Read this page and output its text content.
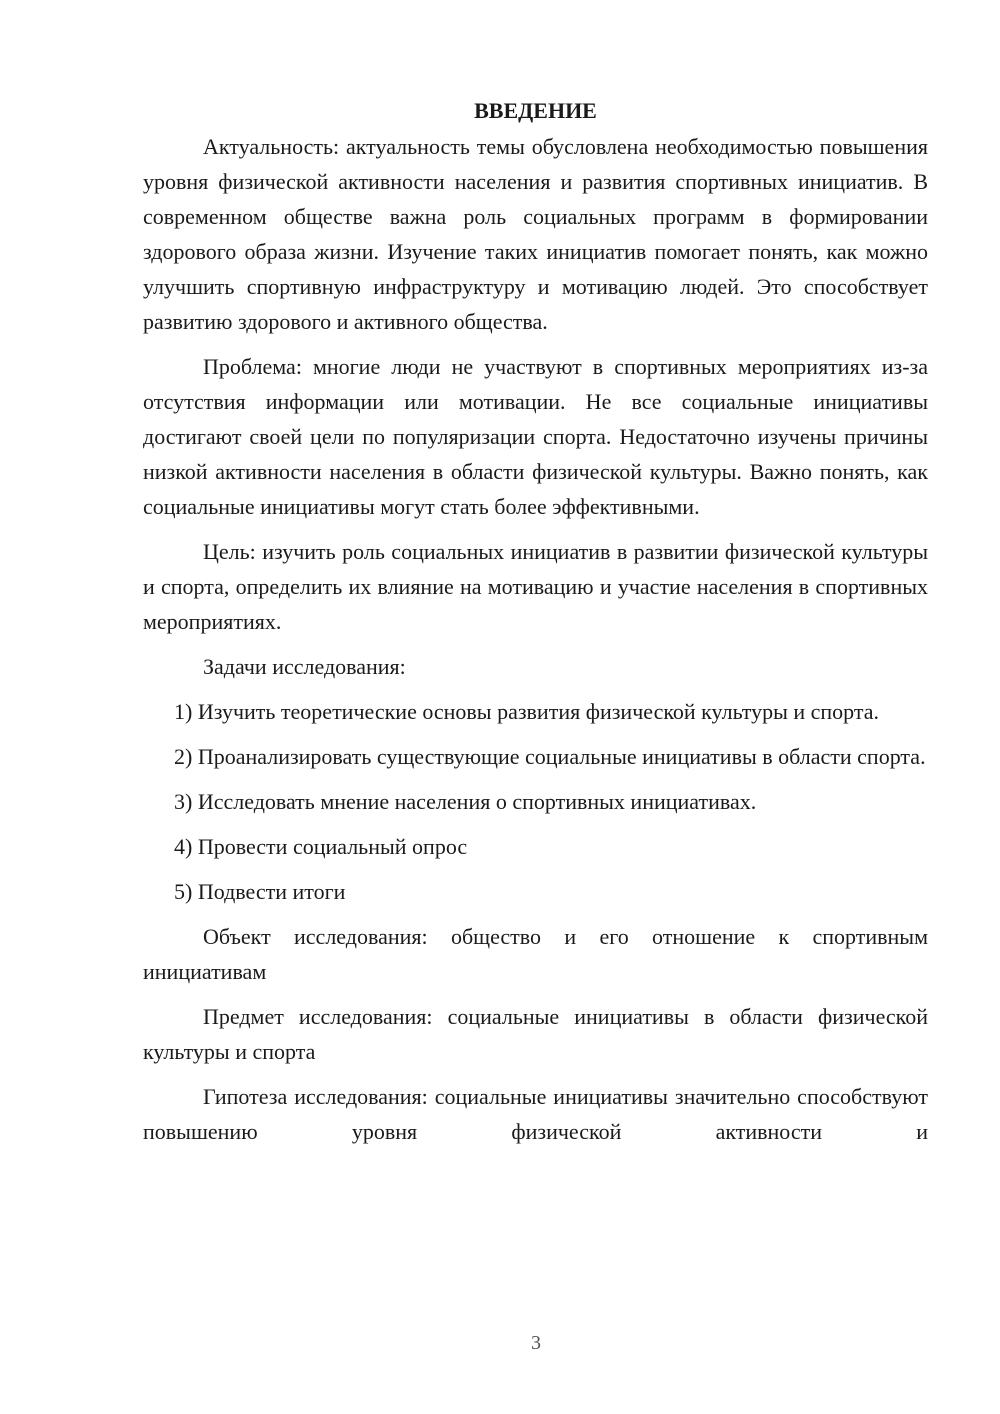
ВВЕДЕНИЕ

Актуальность: актуальность темы обусловлена необходимостью повышения уровня физической активности населения и развития спортивных инициатив. В современном обществе важна роль социальных программ в формировании здорового образа жизни. Изучение таких инициатив помогает понять, как можно улучшить спортивную инфраструктуру и мотивацию людей. Это способствует развитию здорового и активного общества.

Проблема: многие люди не участвуют в спортивных мероприятиях из-за отсутствия информации или мотивации. Не все социальные инициативы достигают своей цели по популяризации спорта. Недостаточно изучены причины низкой активности населения в области физической культуры. Важно понять, как социальные инициативы могут стать более эффективными.

Цель: изучить роль социальных инициатив в развитии физической культуры и спорта, определить их влияние на мотивацию и участие населения в спортивных мероприятиях.

Задачи исследования:

1) Изучить теоретические основы развития физической культуры и спорта.

2) Проанализировать существующие социальные инициативы в области спорта.

3) Исследовать мнение населения о спортивных инициативах.

4) Провести социальный опрос

5) Подвести итоги

Объект исследования: общество и его отношение к спортивным инициативам

Предмет исследования: социальные инициативы в области физической культуры и спорта

Гипотеза исследования: социальные инициативы значительно способствуют повышению уровня физической активности и

3
